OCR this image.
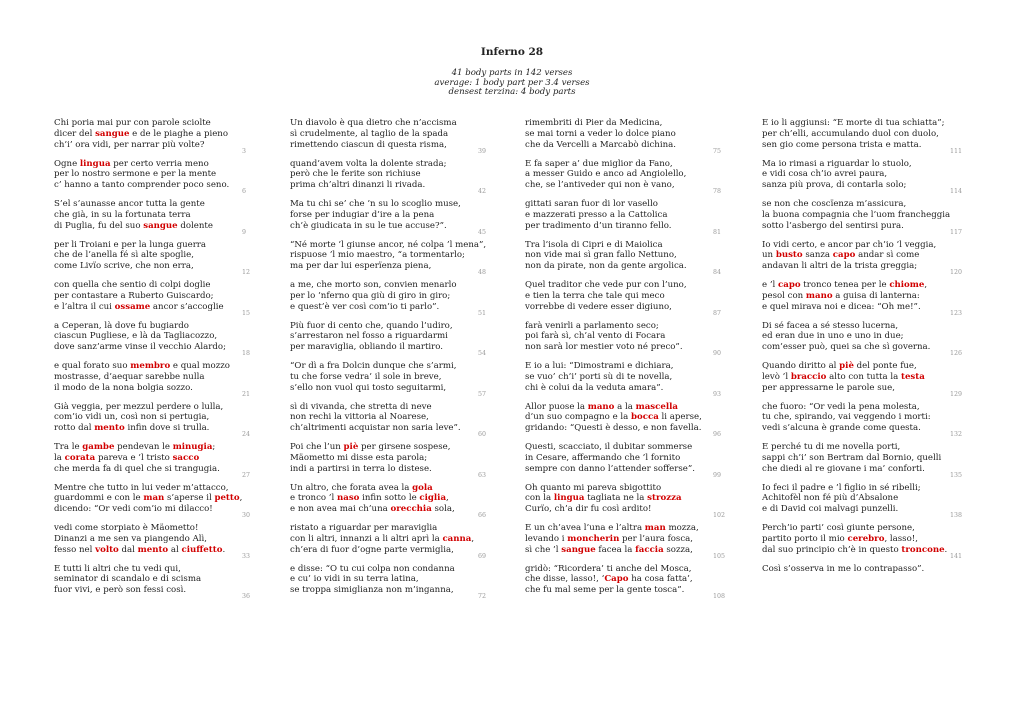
Inferno 28
41 body parts in 142 verses
average: 1 body part per 3.4 verses
densest terzina: 4 body parts
Chi poria mai pur con parole sciolte
dicer del sangue e de le piaghe a pieno
ch’i’ ora vidi, per narrar più volte?
3
Ogne lingua per certo verria meno
per lo nostro sermone e per la mente
c’ hanno a tanto comprender poco seno.
6
S’el s’aunasse ancor tutta la gente
che già, in su la fortunata terra
di Puglia, fu del suo sangue dolente
9
per li Troiani e per la lunga guerra
che de l’anella fé sì alte spoglie,
come Livïo scrive, che non erra,
12
con quella che sentio di colpi doglie
per contastare a Ruberto Guiscardo;
e l’altra il cui ossame ancor s’accoglie
15
a Ceperan, là dove fu bugiardo
ciascun Pugliese, e là da Tagliacozzo,
dove sanz’arme vinse il vecchio Alardo;
18
e qual forato suo membro e qual mozzo
mostrasse, d’aequar sarebbe nulla
il modo de la nona bolgia sozzo.
21
Già veggia, per mezzul perdere o lulla,
com’io vidi un, così non si pertugia,
rotto dal mento infin dove si trulla.
24
Tra le gambe pendevan le minugia;
la corata pareva e ’l tristo sacco
che merda fa di quel che si trangugia.
27
Mentre che tutto in lui veder m’attacco,
guardommi e con le man s’aperse il petto,
dicendo: “Or vedi com’io mi dilacco!
30
vedi come storpiato è Mäometto!
Dinanzi a me sen va piangendo Alì,
fesso nel volto dal mento al ciuffetto.
33
E tutti li altri che tu vedi qui,
seminator di scandalo e di scisma
fuor vivi, e però son fessi così.
36
Un diavolo è qua dietro che n’accisma
sì crudelmente, al taglio de la spada
rimettendo ciascun di questa risma,
39
quand’avem volta la dolente strada;
però che le ferite son richiuse
prima ch’altri dinanzi li rivada.
42
Ma tu chi se’ che ’n su lo scoglio muse,
forse per indugiar d’ire a la pena
ch’è giudicata in su le tue accuse?”.
45
“Né morte ’l giunse ancor, né colpa ’l mena”,
rispuose ’l mio maestro, “a tormentarlo;
ma per dar lui esperïenza piena,
48
a me, che morto son, convien menarlo
per lo ’nferno qua giù di giro in giro;
e quest’è ver così com’io ti parlo”.
51
Più fuor di cento che, quando l’udiro,
s’arrestaron nel fosso a riguardarmi
per maraviglia, obliando il martiro.
54
“Or dì a fra Dolcin dunque che s’armi,
tu che forse vedra’ il sole in breve,
s’ello non vuol qui tosto seguitarmi,
57
sì di vivanda, che stretta di neve
non rechi la vittoria al Noarese,
ch’altrimenti acquistar non saria leve”.
60
Poi che l’un piè per girsene sospese,
Mäometto mi disse esta parola;
indi a partirsi in terra lo distese.
63
Un altro, che forata avea la gola
e tronco ’l naso infin sotto le ciglia,
e non avea mai ch’una orecchia sola,
66
ristato a riguardar per maraviglia
con li altri, innanzi a li altri aprì la canna,
ch’era di fuor d’ogne parte vermiglia,
69
e disse: “O tu cui colpa non condanna
e cu’ io vidi in su terra latina,
se troppa simiglianza non m’inganna,
72
rimembriti di Pier da Medicina,
se mai torni a veder lo dolce piano
che da Vercelli a Marcabò dichina.
75
E fa saper a’ due miglior da Fano,
a messer Guido e anco ad Angiolello,
che, se l’antiveder qui non è vano,
78
gittati saran fuor di lor vasello
e mazzerati presso a la Cattolica
per tradimento d’un tiranno fello.
81
Tra l’isola di Cipri e di Maiolica
non vide mai sì gran fallo Nettuno,
non da pirate, non da gente argolica.
84
Quel traditor che vede pur con l’uno,
e tien la terra che tale qui meco
vorrebbe di vedere esser digiuno,
87
farà venirli a parlamento seco;
poi farà sì, ch’al vento di Focara
non sarà lor mestier voto né preco”.
90
E io a lui: “Dimostrami e dichiara,
se vuo’ ch’i’ porti sù di te novella,
chi è colui da la veduta amara”.
93
Allor puose la mano a la mascella
d’un suo compagno e la bocca li aperse,
gridando: “Questi è desso, e non favella.
96
Questi, scacciato, il dubitar sommerse
in Cesare, affermando che ’l fornito
sempre con danno l’attender sofferse”.
99
Oh quanto mi pareva sbigottito
con la lingua tagliata ne la strozza
Curïo, ch’a dir fu così ardito!
102
E un ch’avea l’una e l’altra man mozza,
levando i moncherin per l’aura fosca,
sì che ’l sangue facea la faccia sozza,
105
gridò: “Ricordera’ ti anche del Mosca,
che disse, lasso!, ‘Capo ha cosa fatta’,
che fu mal seme per la gente tosca”.
108
E io li aggiunsi: “E morte di tua schiatta”;
per ch’elli, accumulando duol con duolo,
sen gio come persona trista e matta.
111
Ma io rimasi a riguardar lo stuolo,
e vidi cosa ch’io avrei paura,
sanza più prova, di contarla solo;
114
se non che coscïenza m’assicura,
la buona compagnia che l’uom francheggia
sotto l’asbergo del sentirsi pura.
117
Io vidi certo, e ancor par ch’io ’l veggia,
un busto sanza capo andar sì come
andavan li altri de la trista greggia;
120
e ’l capo tronco tenea per le chiome,
pesol con mano a guisa di lanterna:
e quel mirava noi e dicea: “Oh me!”.
123
Di sé facea a sé stesso lucerna,
ed eran due in uno e uno in due;
com’esser può, quei sa che sì governa.
126
Quando diritto al piè del ponte fue,
levò ’l braccio alto con tutta la testa
per appressarne le parole sue,
129
che fuoro: “Or vedi la pena molesta,
tu che, spirando, vai veggendo i morti:
vedi s’alcuna è grande come questa.
132
E perché tu di me novella porti,
sappi ch’i’ son Bertram dal Bornio, quelli
che diedi al re giovane i ma’ conforti.
135
Io feci il padre e ’l figlio in sé ribelli;
Achitofèl non fé più d’Absalone
e di David coi malvagi punzelli.
138
Perch’io parti’ così giunte persone,
partito porto il mio cerebro, lasso!,
dal suo principio ch’è in questo troncone.
141
Così s’osserva in me lo contrapasso”.
